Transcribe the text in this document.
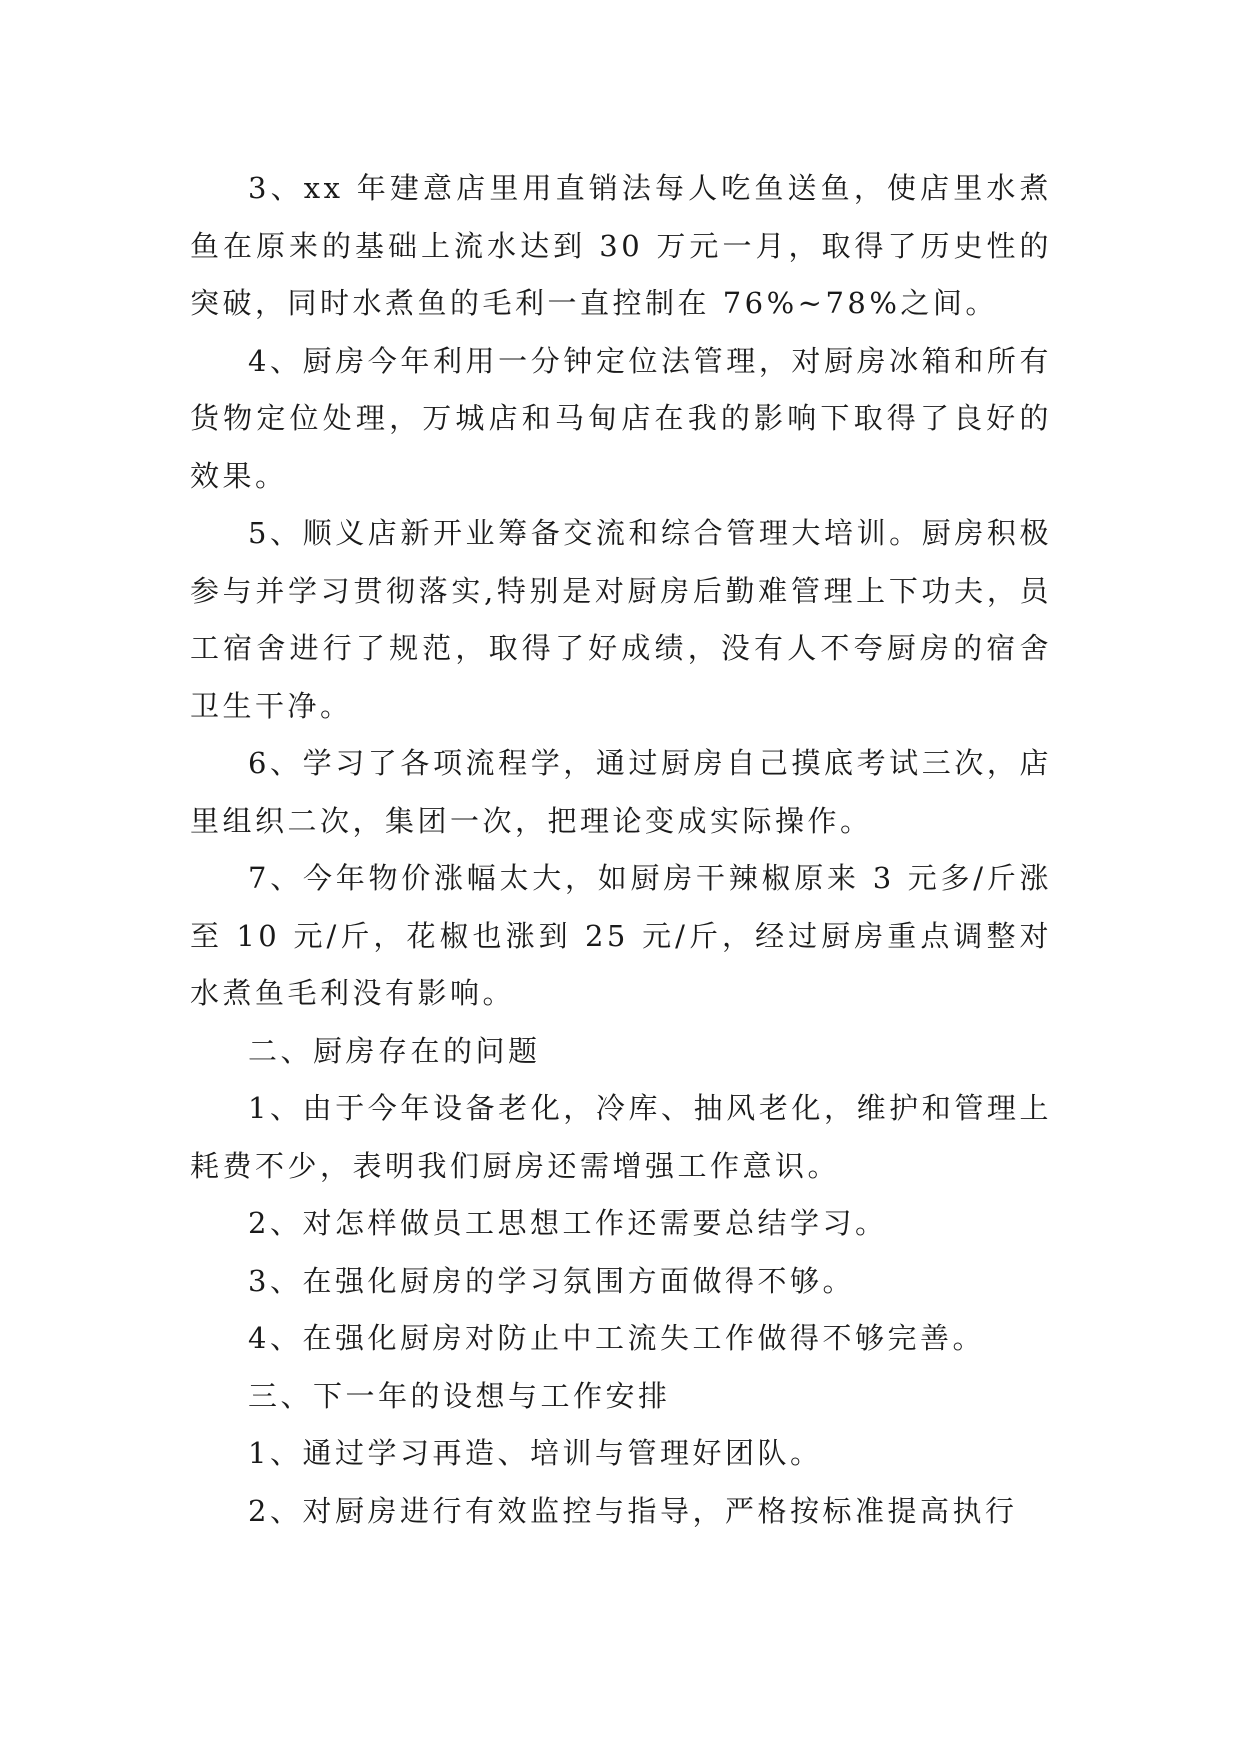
3、xx 年建意店里用直销法每人吃鱼送鱼，使店里水煮鱼在原来的基础上流水达到 30 万元一月，取得了历史性的突破，同时水煮鱼的毛利一直控制在 76%~78%之间。

4、厨房今年利用一分钟定位法管理，对厨房冰箱和所有货物定位处理，万城店和马甸店在我的影响下取得了良好的效果。

5、顺义店新开业筹备交流和综合管理大培训。厨房积极参与并学习贯彻落实,特别是对厨房后勤难管理上下功夫，员工宿舍进行了规范，取得了好成绩，没有人不夸厨房的宿舍卫生干净。

6、学习了各项流程学，通过厨房自己摸底考试三次，店里组织二次，集团一次，把理论变成实际操作。

7、今年物价涨幅太大，如厨房干辣椒原来 3 元多/斤涨至 10 元/斤，花椒也涨到 25 元/斤，经过厨房重点调整对水煮鱼毛利没有影响。

二、厨房存在的问题

1、由于今年设备老化，冷库、抽风老化，维护和管理上耗费不少，表明我们厨房还需增强工作意识。

2、对怎样做员工思想工作还需要总结学习。

3、在强化厨房的学习氛围方面做得不够。

4、在强化厨房对防止中工流失工作做得不够完善。

三、下一年的设想与工作安排

1、通过学习再造、培训与管理好团队。

2、对厨房进行有效监控与指导，严格按标准提高执行
